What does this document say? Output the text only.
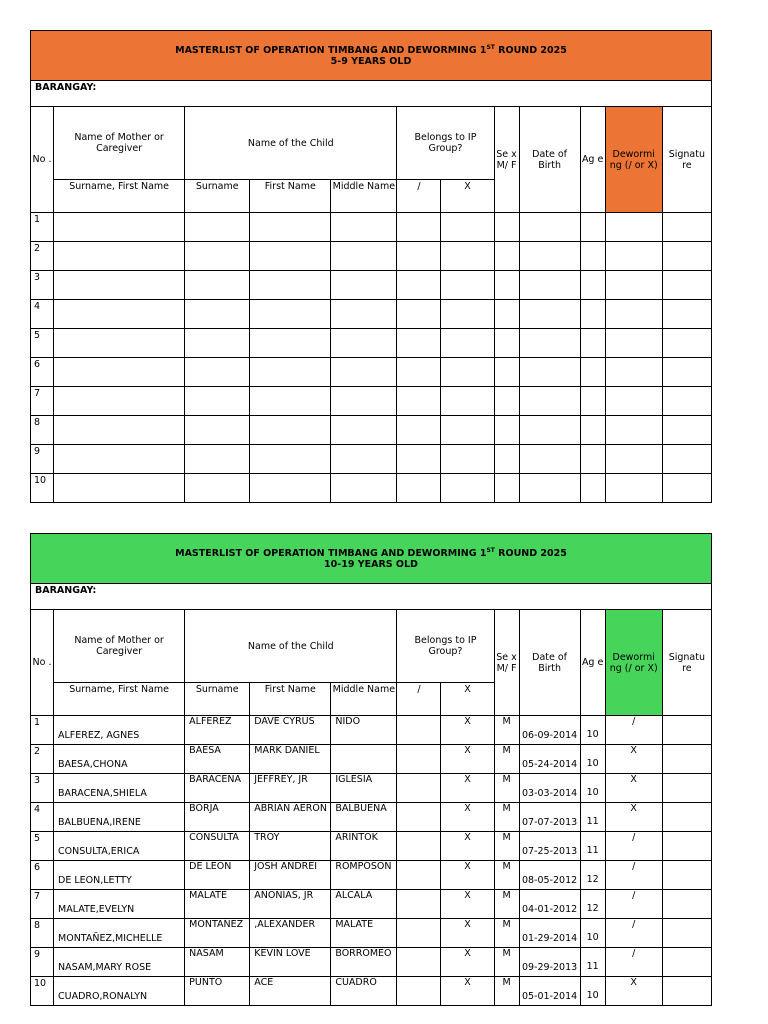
MASTERLIST OF OPERATION TIMBANG AND DEWORMING 1ST ROUND 2025
5-9 YEARS OLD											
BARANGAY:											
No .	Name of Mother or Caregiver	Name of the Child			Belongs to IP Group?		Se x M/ F	Date of Birth	Ag e	Dewormi ng (/ or X)	Signatu re
	Surname, First Name	Surname	First Name	Middle Name	/	X					
1											
2											
3											
4											
5											
6											
7											
8											
9											
10											
MASTERLIST OF OPERATION TIMBANG AND DEWORMING 1ST ROUND 2025
10-19 YEARS OLD											
BARANGAY:											
No .	Name of Mother or Caregiver	Name of the Child			Belongs to IP Group?		Se x M/ F	Date of Birth	Ag e	Dewormi ng (/ or X)	Signatu re
	Surname, First Name	Surname	First Name	Middle Name	/	X					
1	ALFEREZ, AGNES	ALFEREZ	DAVE CYRUS	NIDO		X	M	06-09-2014	10	/	
2	BAESA,CHONA	BAESA	MARK DANIEL			X	M	05-24-2014	10	X	
3	BARACENA,SHIELA	BARACENA	JEFFREY, JR	IGLESIA		X	M	03-03-2014	10	X	
4	BALBUENA,IRENE	BORJA	ABRIAN AERON	BALBUENA		X	M	07-07-2013	11	X	
5	CONSULTA,ERICA	CONSULTA	TROY	ARINTOK		X	M	07-25-2013	11	/	
6	DE LEON,LETTY	DE LEON	JOSH ANDREI	ROMPOSON		X	M	08-05-2012	12	/	
7	MALATE,EVELYN	MALATE	ANONIAS, JR	ALCALA		X	M	04-01-2012	12	/	
8	MONTAÑEZ,MICHELLE	MONTAÑEZ	,ALEXANDER	MALATE		X	M	01-29-2014	10	/	
9	NASAM,MARY ROSE	NASAM	KEVIN LOVE	BORROMEO		X	M	09-29-2013	11	/	
10	CUADRO,RONALYN	PUNTO	ACE	CUADRO		X	M	05-01-2014	10	X	
